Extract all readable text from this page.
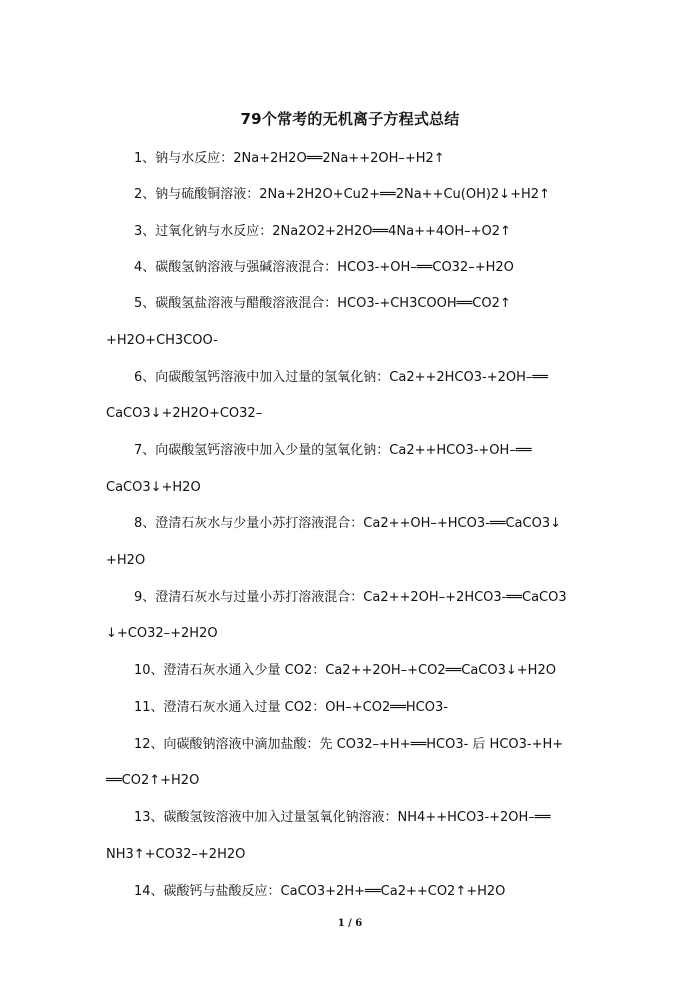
79个常考的无机离子方程式总结
1、钠与水反应：2Na+2H2O══2Na++2OH–+H2↑
2、钠与硫酸铜溶液：2Na+2H2O+Cu2+══2Na++Cu(OH)2↓+H2↑
3、过氧化钠与水反应：2Na2O2+2H2O══4Na++4OH–+O2↑
4、碳酸氢钠溶液与强碱溶液混合：HCO3-+OH–══CO32–+H2O
5、碳酸氢盐溶液与醋酸溶液混合：HCO3-+CH3COOH══CO2↑
+H2O+CH3COO-
6、向碳酸氢钙溶液中加入过量的氢氧化钠：Ca2++2HCO3-+2OH–══
CaCO3↓+2H2O+CO32–
7、向碳酸氢钙溶液中加入少量的氢氧化钠：Ca2++HCO3-+OH–══
CaCO3↓+H2O
8、澄清石灰水与少量小苏打溶液混合：Ca2++OH–+HCO3-══CaCO3↓
+H2O
9、澄清石灰水与过量小苏打溶液混合：Ca2++2OH–+2HCO3-══CaCO3
↓+CO32–+2H2O
10、澄清石灰水通入少量 CO2：Ca2++2OH–+CO2══CaCO3↓+H2O
11、澄清石灰水通入过量 CO2：OH–+CO2══HCO3-
12、向碳酸钠溶液中滴加盐酸：先 CO32–+H+══HCO3- 后 HCO3-+H+
══CO2↑+H2O
13、碳酸氢铵溶液中加入过量氢氧化钠溶液：NH4++HCO3-+2OH–══
NH3↑+CO32–+2H2O
14、碳酸钙与盐酸反应：CaCO3+2H+══Ca2++CO2↑+H2O
1 / 6
